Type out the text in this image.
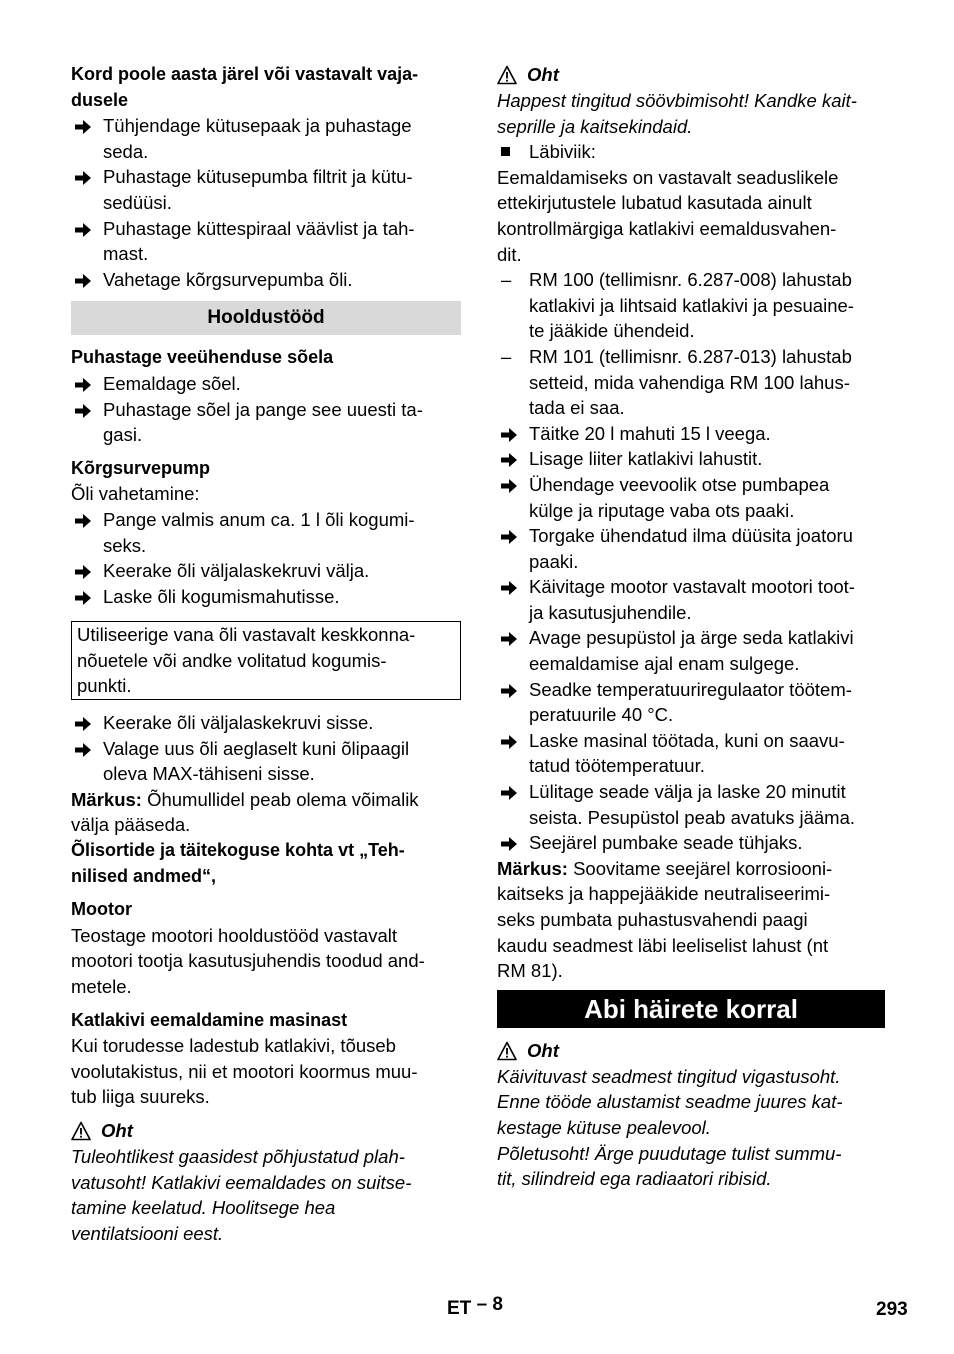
Kord poole aasta järel või vastavalt vaja-
dusele
Tühjendage kütusepaak ja puhastage
seda.
Puhastage kütusepumba filtrit ja kütu-
sedüüsi.
Puhastage küttespiraal väävlist ja tah-
mast.
Vahetage kõrgsurvepumba õli.
Hooldustööd
Puhastage veeühenduse sõela
Eemaldage sõel.
Puhastage sõel ja pange see uuesti ta-
gasi.
Kõrgsurvepump
Õli vahetamine:
Pange valmis anum ca. 1 l õli kogumi-
seks.
Keerake õli väljalaskekruvi välja.
Laske õli kogumismahutisse.
Utiliseerige vana õli vastavalt keskkonna-
nõuetele või andke volitatud kogumis-
punkti.
Keerake õli väljalaskekruvi sisse.
Valage uus õli aeglaselt kuni õlipaagil
oleva MAX-tähiseni sisse.
Märkus: Õhumullidel peab olema võimalik
välja pääseda.
Õlisortide ja täitekoguse kohta vt „Teh-
nilised andmed“,
Mootor
Teostage mootori hooldustööd vastavalt
mootori tootja kasutusjuhendis toodud and-
metele.
Katlakivi eemaldamine masinast
Kui torudesse ladestub katlakivi, tõuseb
voolutakistus, nii et mootori koormus muu-
tub liiga suureks.
Oht
Tuleohtlikest gaasidest põhjustatud plah-
vatusoht! Katlakivi eemaldades on suitse-
tamine keelatud. Hoolitsege hea
ventilatsiooni eest.
Oht
Happest tingitud söövbimisoht! Kandke kait-
seprille ja kaitsekindaid.
Läbiviik:
Eemaldamiseks on vastavalt seaduslikele
ettekirjutustele lubatud kasutada ainult
kontrollmärgiga katlakivi eemaldusvahen-
dit.
– RM 100 (tellimisnr. 6.287-008) lahustab
katlakivi ja lihtsaid katlakivi ja pesuaine-
te jääkide ühendeid.
– RM 101 (tellimisnr. 6.287-013) lahustab
setteid, mida vahendiga RM 100 lahus-
tada ei saa.
Täitke 20 l mahuti 15 l veega.
Lisage liiter katlakivi lahustit.
Ühendage veevoolik otse pumbapea
külge ja riputage vaba ots paaki.
Torgake ühendatud ilma düüsita joatoru
paaki.
Käivitage mootor vastavalt mootori toot-
ja kasutusjuhendile.
Avage pesupüstol ja ärge seda katlakivi
eemaldamise ajal enam sulgege.
Seadke temperatuuriregulaator töötem-
peratuurile 40 °C.
Laske masinal töötada, kuni on saavu-
tatud töötemperatuur.
Lülitage seade välja ja laske 20 minutit
seista. Pesupüstol peab avatuks jääma.
Seejärel pumbake seade tühjaks.
Märkus: Soovitame seejärel korrosiooni-
kaitseks ja happejääkide neutraliseerimi-
seks pumbata puhastusvahendi paagi
kaudu seadmest läbi leeliselist lahust (nt
RM 81).
Abi häirete korral
Oht
Käivituvast seadmest tingitud vigastusoht.
Enne tööde alustamist seadme juures kat-
kestage kütuse pealevool.
Põletusoht! Ärge puudutage tulist summu-
tit, silindreid ega radiaatori ribisid.
ET – 8	293
